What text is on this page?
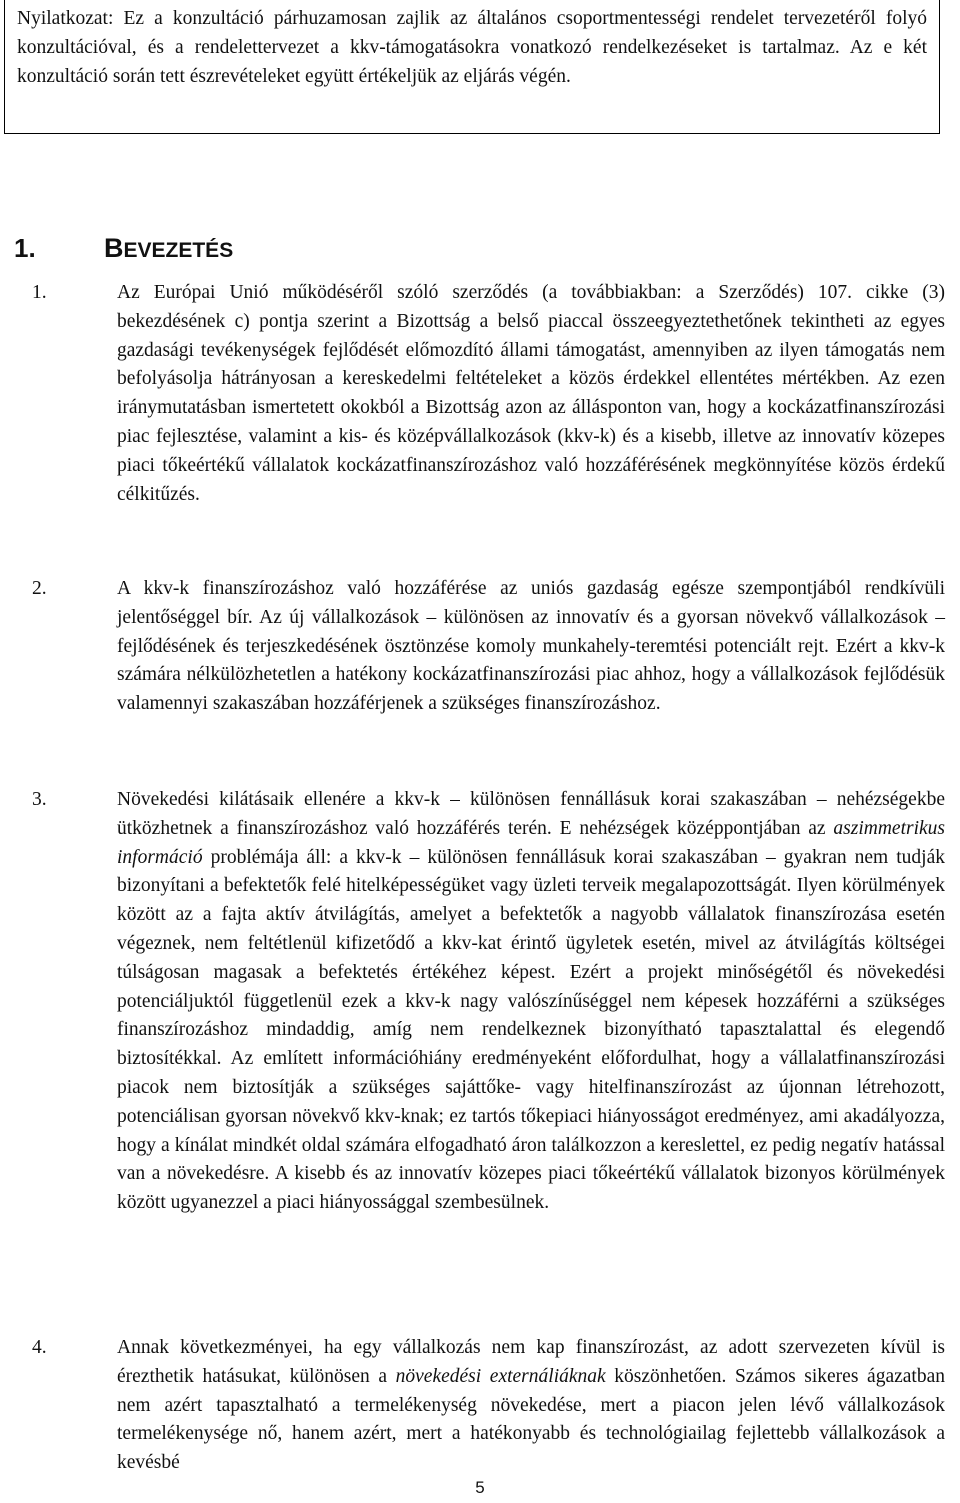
Nyilatkozat: Ez a konzultáció párhuzamosan zajlik az általános csoportmentességi rendelet tervezetéről folyó konzultációval, és a rendelettervezet a kkv-támogatásokra vonatkozó rendelkezéseket is tartalmaz. Az e két konzultáció során tett észrevételeket együtt értékeljük az eljárás végén.
1.	BEVEZETÉS
1.	Az Európai Unió működéséről szóló szerződés (a továbbiakban: a Szerződés) 107. cikke (3) bekezdésének c) pontja szerint a Bizottság a belső piaccal összeegyeztethetőnek tekintheti az egyes gazdasági tevékenységek fejlődését előmozdító állami támogatást, amennyiben az ilyen támogatás nem befolyásolja hátrányosan a kereskedelmi feltételeket a közös érdekkel ellentétes mértékben. Az ezen iránymutatásban ismertetett okokból a Bizottság azon az állásponton van, hogy a kockázatfinanszírozási piac fejlesztése, valamint a kis- és középvállalkozások (kkv-k) és a kisebb, illetve az innovatív közepes piaci tőkeértékű vállalatok kockázatfinanszírozáshoz való hozzáférésének megkönnyítése közös érdekű célkitűzés.
2.	A kkv-k finanszírozáshoz való hozzáférése az uniós gazdaság egésze szempontjából rendkívüli jelentőséggel bír. Az új vállalkozások – különösen az innovatív és a gyorsan növekvő vállalkozások – fejlődésének és terjeszkedésének ösztönzése komoly munkahely-teremtési potenciált rejt. Ezért a kkv-k számára nélkülözhetetlen a hatékony kockázatfinanszírozási piac ahhoz, hogy a vállalkozások fejlődésük valamennyi szakaszában hozzáférjenek a szükséges finanszírozáshoz.
3.	Növekedési kilátásaik ellenére a kkv-k – különösen fennállásuk korai szakaszában – nehézségekbe ütközhetnek a finanszírozáshoz való hozzáférés terén. E nehézségek középpontjában az aszimmetrikus információ problémája áll: a kkv-k – különösen fennállásuk korai szakaszában – gyakran nem tudják bizonyítani a befektetők felé hitelképességüket vagy üzleti terveik megalapozottságát. Ilyen körülmények között az a fajta aktív átvilágítás, amelyet a befektetők a nagyobb vállalatok finanszírozása esetén végeznek, nem feltétlenül kifizetődő a kkv-kat érintő ügyletek esetén, mivel az átvilágítás költségei túlságosan magasak a befektetés értékéhez képest. Ezért a projekt minőségétől és növekedési potenciáljuktól függetlenül ezek a kkv-k nagy valószínűséggel nem képesek hozzáférni a szükséges finanszírozáshoz mindaddig, amíg nem rendelkeznek bizonyítható tapasztalattal és elegendő biztosítékkal. Az említett információhiány eredményeként előfordulhat, hogy a vállalatfinanszírozási piacok nem biztosítják a szükséges sajáttőke- vagy hitelfinanszírozást az újonnan létrehozott, potenciálisan gyorsan növekvő kkv-knak; ez tartós tőkepiaci hiányosságot eredményez, ami akadályozza, hogy a kínálat mindkét oldal számára elfogadható áron találkozzon a kereslettel, ez pedig negatív hatással van a növekedésre. A kisebb és az innovatív közepes piaci tőkeértékű vállalatok bizonyos körülmények között ugyanezzel a piaci hiányossággal szembesülnek.
4.	Annak következményei, ha egy vállalkozás nem kap finanszírozást, az adott szervezeten kívül is érezthetik hatásukat, különösen a növekedési externáliáknak köszönhetően. Számos sikeres ágazatban nem azért tapasztalható a termelékenység növekedése, mert a piacon jelen lévő vállalkozások termelékenysége nő, hanem azért, mert a hatékonyabb és technológiailag fejlettebb vállalkozások a kevésbé
5
